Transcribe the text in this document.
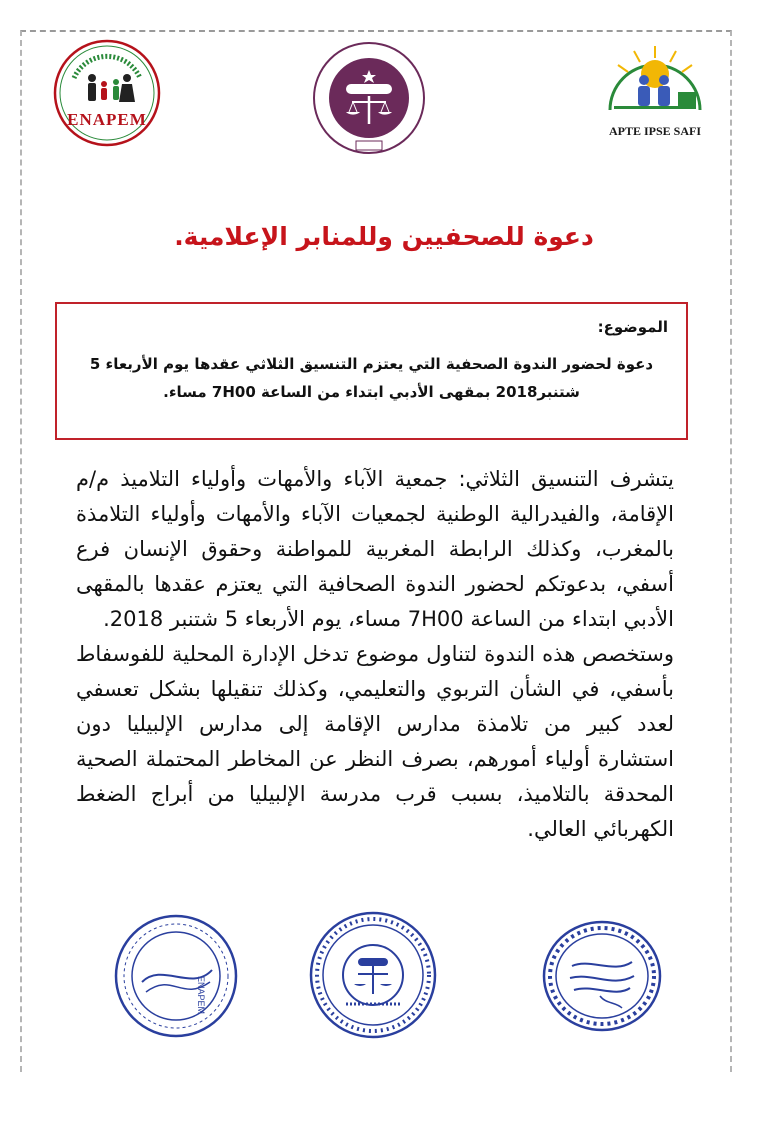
ENAPEM
APTE IPSE SAFI
دعوة للصحفيين وللمنابر الإعلامية.
الموضوع:
دعوة لحضور الندوة الصحفية التي يعتزم التنسيق الثلاثي عقدها يوم الأربعاء 5
شتنبر2018 بمقهى الأدبي ابتداء من الساعة 7H00 مساء.

يتشرف التنسيق الثلاثي: جمعية الآباء والأمهات وأولياء التلاميذ م/م الإقامة، والفيدرالية الوطنية لجمعيات الآباء والأمهات وأولياء التلامذة بالمغرب، وكذلك الرابطة المغربية للمواطنة وحقوق الإنسان فرع أسفي، بدعوتكم لحضور الندوة الصحافية التي يعتزم عقدها بالمقهى الأدبي ابتداء من الساعة 7H00 مساء، يوم الأربعاء 5 شتنبر 2018.

وستخصص هذه الندوة لتناول موضوع تدخل الإدارة المحلية للفوسفاط بأسفي، في الشأن التربوي والتعليمي، وكذلك تنقيلها بشكل تعسفي لعدد كبير من تلامذة مدارس الإقامة إلى مدارس الإلبيليا دون استشارة أولياء أمورهم، بصرف النظر عن المخاطر المحتملة الصحية المحدقة بالتلاميذ، بسبب قرب مدرسة الإلبيليا من أبراج الضغط الكهربائي العالي.

ENAPEM
